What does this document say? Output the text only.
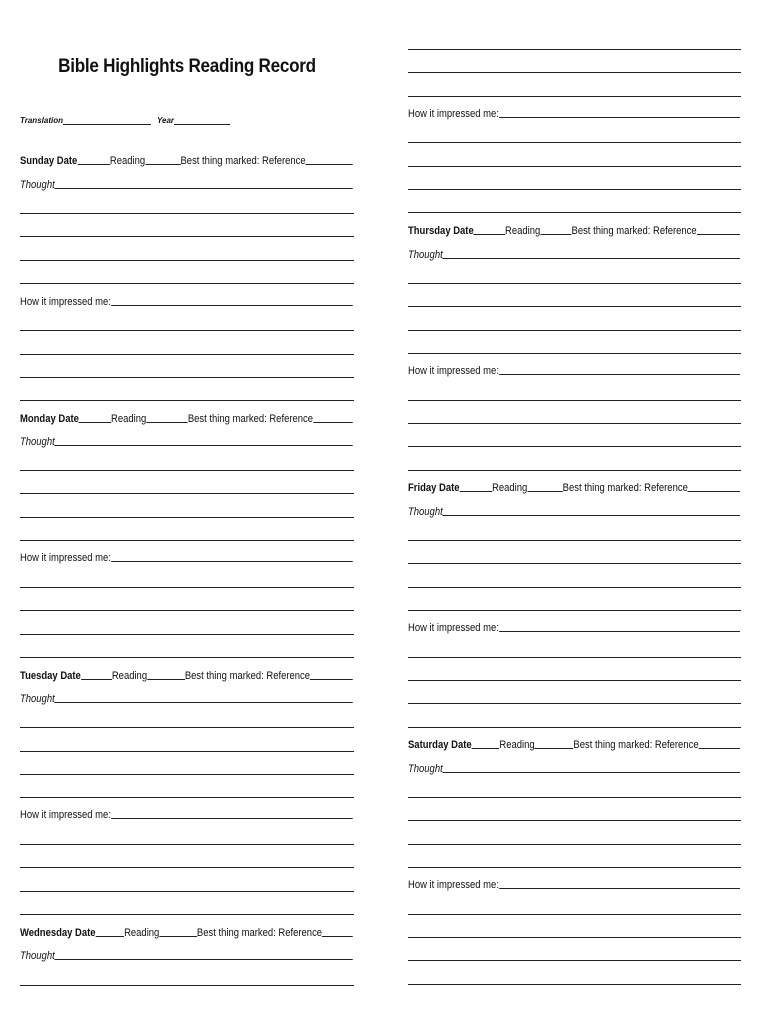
Bible Highlights Reading Record
Translation	Year
Sunday
Date	Reading	Best thing marked: Reference
Thought
How it impressed me:
Monday
Date	Reading	Best thing marked: Reference
Thought
How it impressed me:
Tuesday
Date	Reading	Best thing marked: Reference
Thought
How it impressed me:
Wednesday
Date	Reading	Best thing marked: Reference
Thought
How it impressed me:
Thursday
Date	Reading	Best thing marked: Reference
Thought
How it impressed me:
Friday
Date	Reading	Best thing marked: Reference
Thought
How it impressed me:
Saturday
Date	Reading	Best thing marked: Reference
Thought
How it impressed me:
